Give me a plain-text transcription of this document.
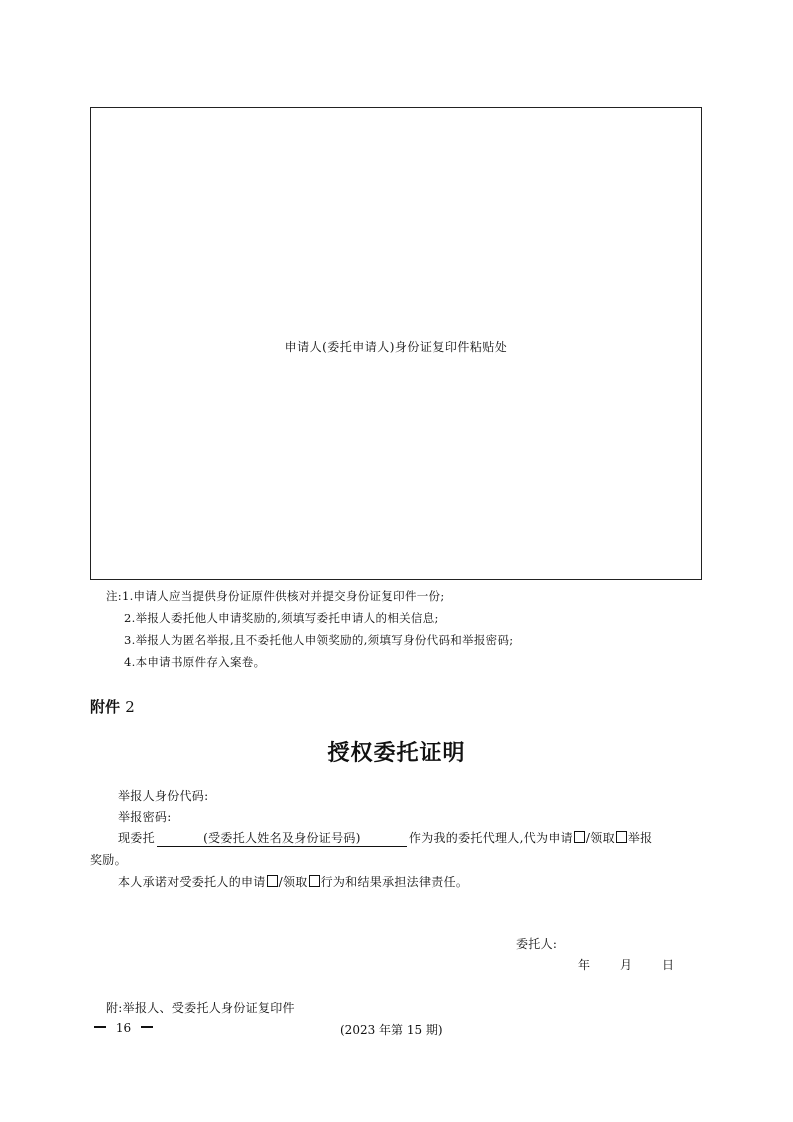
申请人(委托申请人)身份证复印件粘贴处
注:1.申请人应当提供身份证原件供核对并提交身份证复印件一份;
2.举报人委托他人申请奖励的,须填写委托申请人的相关信息;
3.举报人为匿名举报,且不委托他人申领奖励的,须填写身份代码和举报密码;
4.本申请书原件存入案卷。
附件 2
授权委托证明
举报人身份代码:
举报密码:
现委托	(受委托人姓名及身份证号码)	作为我的委托代理人,代为申请 /领取 举报
奖励。
本人承诺对受委托人的申请 /领取 行为和结果承担法律责任。
委托人:
年 月 日
附:举报人、受委托人身份证复印件
16	(2023 年第 15 期)
